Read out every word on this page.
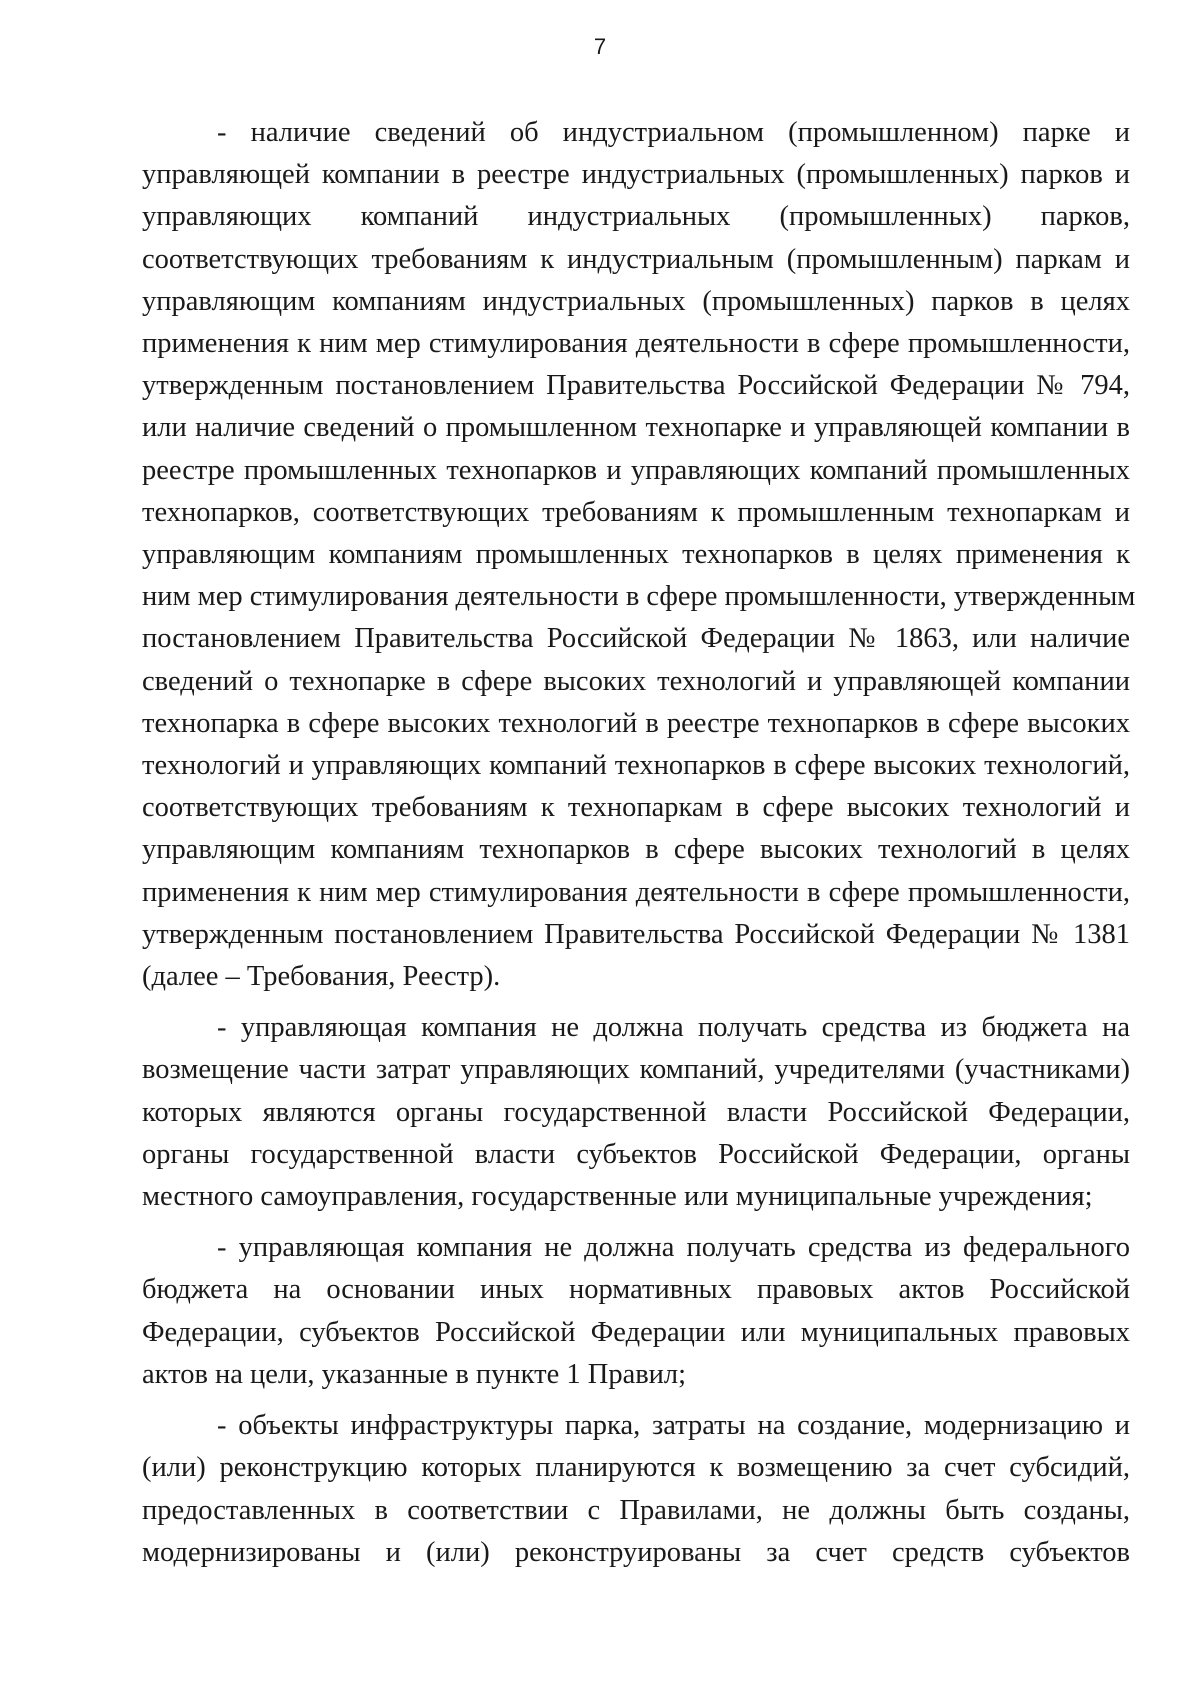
7
- наличие сведений об индустриальном (промышленном) парке и
управляющей компании в реестре индустриальных (промышленных) парков и
управляющих компаний индустриальных (промышленных) парков,
соответствующих требованиям к индустриальным (промышленным) паркам и
управляющим компаниям индустриальных (промышленных) парков в целях
применения к ним мер стимулирования деятельности в сфере промышленности,
утвержденным постановлением Правительства Российской Федерации № 794,
или наличие сведений о промышленном технопарке и управляющей компании в
реестре промышленных технопарков и управляющих компаний промышленных
технопарков, соответствующих требованиям к промышленным технопаркам и
управляющим компаниям промышленных технопарков в целях применения к
ним мер стимулирования деятельности в сфере промышленности, утвержденным
постановлением Правительства Российской Федерации № 1863, или наличие
сведений о технопарке в сфере высоких технологий и управляющей компании
технопарка в сфере высоких технологий в реестре технопарков в сфере высоких
технологий и управляющих компаний технопарков в сфере высоких технологий,
соответствующих требованиям к технопаркам в сфере высоких технологий и
управляющим компаниям технопарков в сфере высоких технологий в целях
применения к ним мер стимулирования деятельности в сфере промышленности,
утвержденным постановлением Правительства Российской Федерации № 1381
(далее – Требования, Реестр).
- управляющая компания не должна получать средства из бюджета на
возмещение части затрат управляющих компаний, учредителями (участниками)
которых являются органы государственной власти Российской Федерации,
органы государственной власти субъектов Российской Федерации, органы
местного самоуправления, государственные или муниципальные учреждения;
- управляющая компания не должна получать средства из федерального
бюджета на основании иных нормативных правовых актов Российской
Федерации, субъектов Российской Федерации или муниципальных правовых
актов на цели, указанные в пункте 1 Правил;
- объекты инфраструктуры парка, затраты на создание, модернизацию и
(или) реконструкцию которых планируются к возмещению за счет субсидий,
предоставленных в соответствии с Правилами, не должны быть созданы,
модернизированы и (или) реконструированы за счет средств субъектов
